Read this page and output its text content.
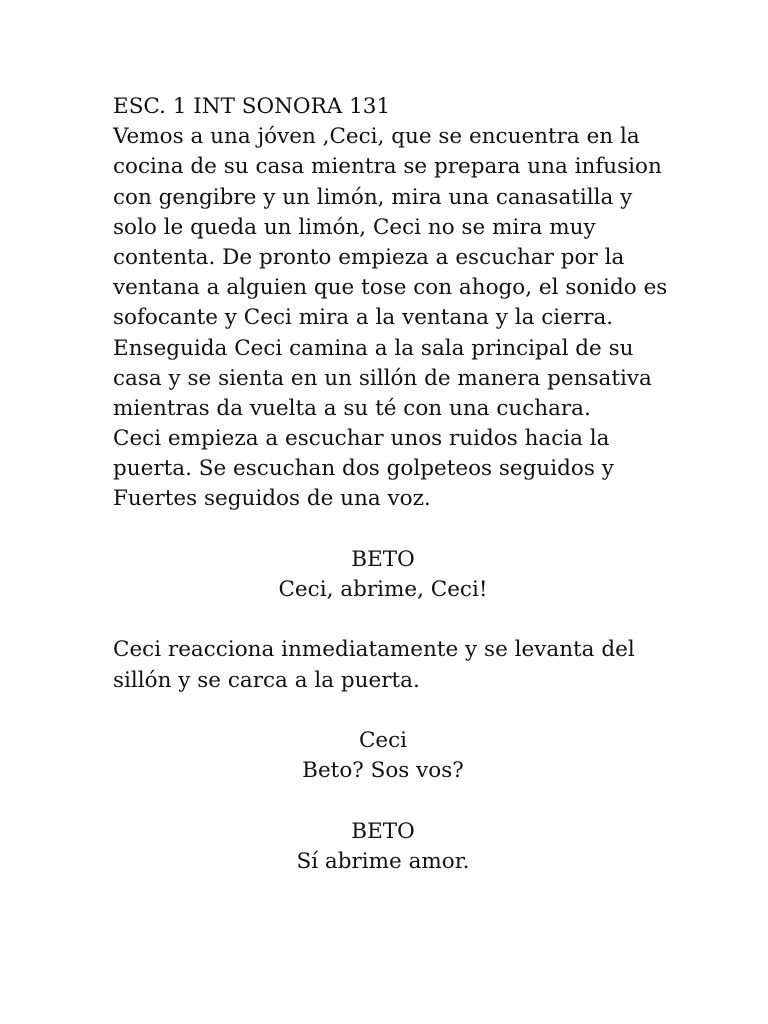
ESC. 1 INT SONORA 131
Vemos a una jóven ,Ceci, que se encuentra en la
cocina de su casa mientra se prepara una infusion
con gengibre y un limón, mira una canasatilla y
solo le queda un limón, Ceci no se mira muy
contenta. De pronto empieza a escuchar por la
ventana a alguien que tose con ahogo, el sonido es
sofocante y Ceci mira a la ventana y la cierra.
Enseguida Ceci camina a la sala principal de su
casa y se sienta en un sillón de manera pensativa
mientras da vuelta a su té con una cuchara.
Ceci empieza a escuchar unos ruidos hacia la
puerta. Se escuchan dos golpeteos seguidos y
Fuertes seguidos de una voz.
BETO
Ceci, abrime, Ceci!
Ceci reacciona inmediatamente y se levanta del
sillón y se carca a la puerta.
Ceci
Beto? Sos vos?
BETO
Sí abrime amor.
